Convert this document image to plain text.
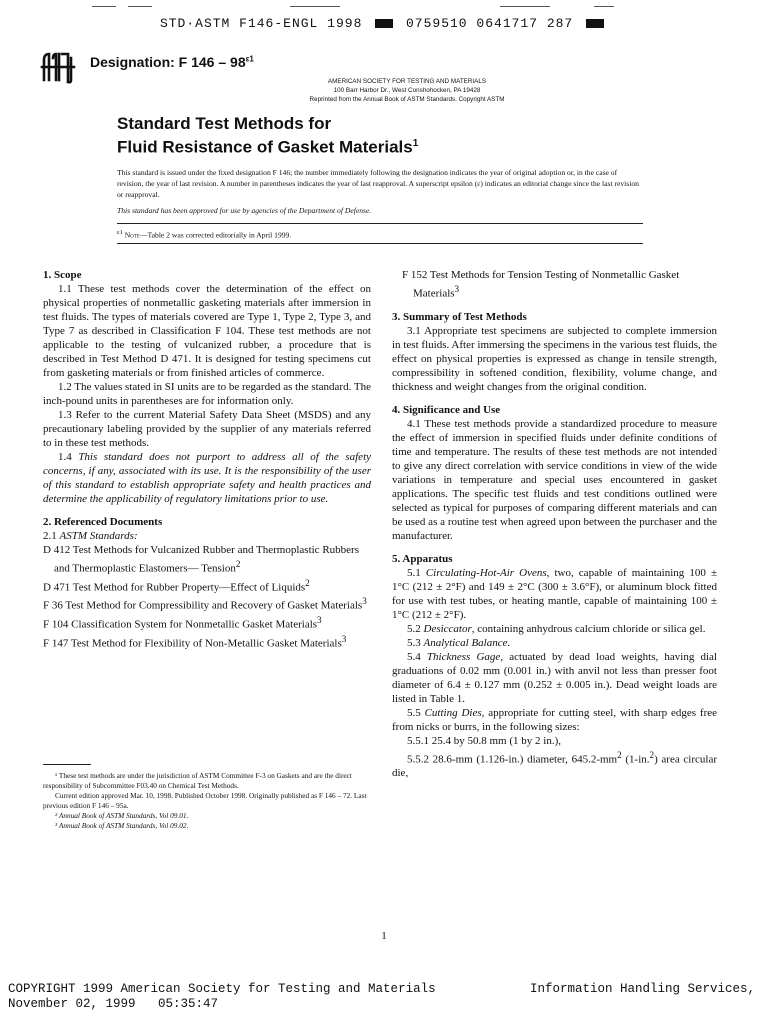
STD·ASTM F146-ENGL 1998	0759510 0641717 287
Designation: F $146 - 98^{\varepsilon 1}$
AMERICAN SOCIETY FOR TESTING AND MATERIALS
100 Barr Harbor Dr., West Conshohocken, PA 19428
Reprinted from the Annual Book of ASTM Standards. Copyright ASTM
Standard Test Methods for
Fluid Resistance of Gasket Materials$^1$
This standard is issued under the fixed designation F 146; the number immediately following the designation indicates the year of original adoption or, in the case of revision, the year of last revision. A number in parentheses indicates the year of last reapproval. A superscript epsilon (ε) indicates an editorial change since the last revision or reapproval.
This standard has been approved for use by agencies of the Department of Defense.
$^{\varepsilon 1}$ Note—Table 2 was corrected editorially in April 1999.
1. Scope

1.1 These test methods cover the determination of the effect on physical properties of nonmetallic gasketing materials after immersion in test fluids. The types of materials covered are Type 1, Type 2, Type 3, and Type 7 as described in Classification F 104. These test methods are not applicable to the testing of vulcanized rubber, a procedure that is described in Test Method D 471. It is designed for testing specimens cut from gasketing materials or from finished articles of commerce.

1.2 The values stated in SI units are to be regarded as the standard. The inch-pound units in parentheses are for information only.

1.3 Refer to the current Material Safety Data Sheet (MSDS) and any precautionary labeling provided by the supplier of any materials referred to in these test methods.

1.4 This standard does not purport to address all of the safety concerns, if any, associated with its use. It is the responsibility of the user of this standard to establish appropriate safety and health practices and determine the applicability of regulatory limitations prior to use.

2. Referenced Documents

2.1 ASTM Standards:

D 412 Test Methods for Vulcanized Rubber and Thermoplastic Rubbers and Thermoplastic Elastomers— Tension$^2$

D 471 Test Method for Rubber Property—Effect of Liquids$^2$

F 36 Test Method for Compressibility and Recovery of Gasket Materials$^3$

F 104 Classification System for Nonmetallic Gasket Materials$^3$

F 147 Test Method for Flexibility of Non-Metallic Gasket Materials$^3$

¹ These test methods are under the jurisdiction of ASTM Committee F-3 on Gaskets and are the direct responsibility of Subcommittee F03.40 on Chemical Test Methods.

Current edition approved Mar. 10, 1998. Published October 1998. Originally published as F 146 – 72. Last previous edition F 146 – 95a.

² Annual Book of ASTM Standards, Vol 09.01.

³ Annual Book of ASTM Standards, Vol 09.02.

F 152 Test Methods for Tension Testing of Nonmetallic Gasket Materials$^3$

3. Summary of Test Methods

3.1 Appropriate test specimens are subjected to complete immersion in test fluids. After immersing the specimens in the various test fluids, the effect on physical properties is expressed as change in tensile strength, compressibility in softened condition, flexibility, volume change, and thickness and weight changes from the original condition.

4. Significance and Use

4.1 These test methods provide a standardized procedure to measure the effect of immersion in specified fluids under definite conditions of time and temperature. The results of these test methods are not intended to give any direct correlation with service conditions in view of the wide variations in temperature and special uses encountered in gasket applications. The specific test fluids and test conditions outlined were selected as typical for purposes of comparing different materials and can be used as a routine test when agreed upon between the purchaser and the manufacturer.

5. Apparatus

5.1 Circulating-Hot-Air Ovens, two, capable of maintaining 100 ± 1°C (212 ± 2°F) and 149 ± 2°C (300 ± 3.6°F), or aluminum block fitted for use with test tubes, or heating mantle, capable of maintaining 100 ± 1°C (212 ± 2°F).

5.2 Desiccator, containing anhydrous calcium chloride or silica gel.

5.3 Analytical Balance.

5.4 Thickness Gage, actuated by dead load weights, having dial graduations of 0.02 mm (0.001 in.) with anvil not less than presser foot diameter of 6.4 ± 0.127 mm (0.252 ± 0.005 in.). Dead weight loads are listed in Table 1.

5.5 Cutting Dies, appropriate for cutting steel, with sharp edges free from nicks or burrs, in the following sizes:

5.5.1 25.4 by 50.8 mm (1 by 2 in.),

5.5.2 28.6-mm (1.126-in.) diameter, $645.2-mm^2$ (1-in.$^2$) area circular die,

1
COPYRIGHT 1999 American Society for Testing and Materials
November 02, 1999   05:35:47
Information Handling Services,
